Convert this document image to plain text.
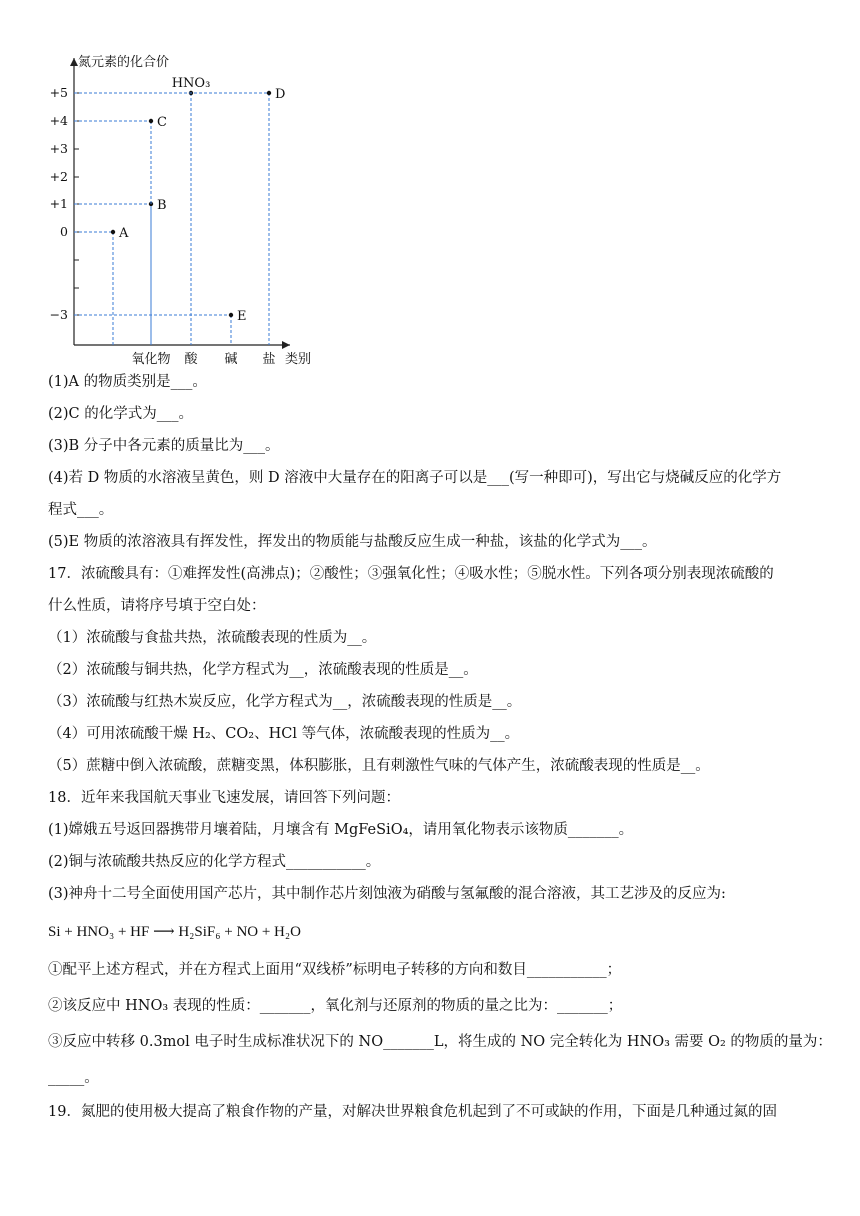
氮元素的化合价
+5
+4
+3
+2
+1
0
−3
氧化物 酸 碱 盐 类别
A
B
C
HNO₃
D
E

(1)A 的物质类别是___。

(2)C 的化学式为___。

(3)B 分子中各元素的质量比为___。

(4)若 D 物质的水溶液呈黄色，则 D 溶液中大量存在的阳离子可以是___(写一种即可)，写出它与烧碱反应的化学方
程式___。

(5)E 物质的浓溶液具有挥发性，挥发出的物质能与盐酸反应生成一种盐，该盐的化学式为___。

17．浓硫酸具有：①难挥发性(高沸点)；②酸性；③强氧化性；④吸水性；⑤脱水性。下列各项分别表现浓硫酸的
什么性质，请将序号填于空白处：

（1）浓硫酸与食盐共热，浓硫酸表现的性质为__。

（2）浓硫酸与铜共热，化学方程式为__，浓硫酸表现的性质是__。

（3）浓硫酸与红热木炭反应，化学方程式为__，浓硫酸表现的性质是__。

（4）可用浓硫酸干燥 H₂、CO₂、HCl 等气体，浓硫酸表现的性质为__。

（5）蔗糖中倒入浓硫酸，蔗糖变黑，体积膨胀，且有刺激性气味的气体产生，浓硫酸表现的性质是__。

18．近年来我国航天事业飞速发展，请回答下列问题：

(1)嫦娥五号返回器携带月壤着陆，月壤含有 MgFeSiO₄，请用氧化物表示该物质_______。

(2)铜与浓硫酸共热反应的化学方程式___________。

(3)神舟十二号全面使用国产芯片，其中制作芯片刻蚀液为硝酸与氢氟酸的混合溶液，其工艺涉及的反应为:

Si + HNO₃ + HF ⟶ H₂SiF₆ + NO + H₂O

①配平上述方程式，并在方程式上面用“双线桥”标明电子转移的方向和数目___________；

②该反应中 HNO₃ 表现的性质：_______，氧化剂与还原剂的物质的量之比为：_______；

③反应中转移 0.3mol 电子时生成标准状况下的 NO_______L，将生成的 NO 完全转化为 HNO₃ 需要 O₂ 的物质的量为：
_____。

19．氮肥的使用极大提高了粮食作物的产量，对解决世界粮食危机起到了不可或缺的作用，下面是几种通过氮的固
